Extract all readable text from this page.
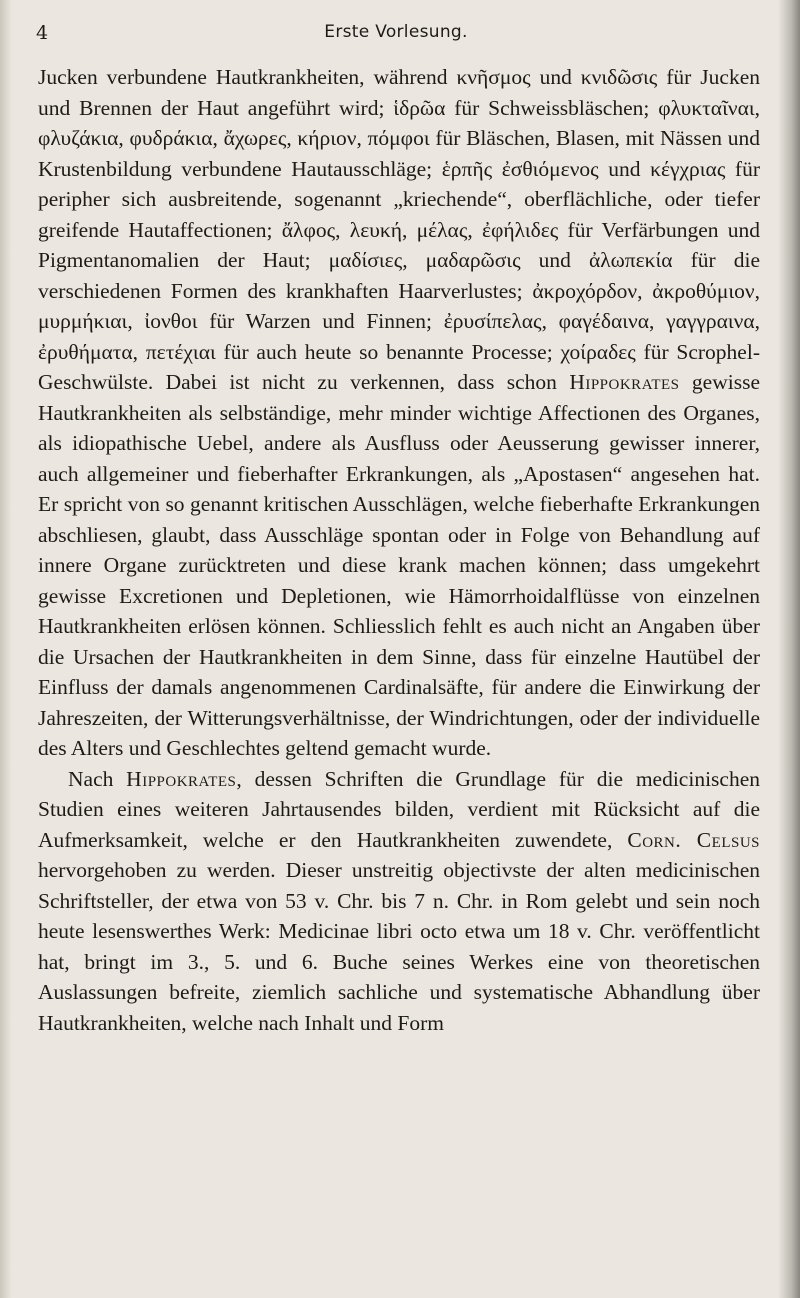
4	Erste Vorlesung.

Jucken verbundene Hautkrankheiten, während κνῆσμος und κνιδῶσις für Jucken und Brennen der Haut angeführt wird; ἱδρῶα für Schweissbläschen; φλυκταῖναι, φλυζάκια, φυδράκια, ἄχωρες, κήριον, πόμφοι für Bläschen, Blasen, mit Nässen und Krustenbildung verbundene Hautausschläge; ἑρπῆς ἐσθιόμενος und κέγχριας für peripher sich ausbreitende, sogenannt „kriechende“, oberflächliche, oder tiefer greifende Hautaffectionen; ἄλφος, λευκή, μέλας, ἐφήλιδες für Verfärbungen und Pigmentanomalien der Haut; μαδίσιες, μαδαρῶσις und ἀλωπεκία für die verschiedenen Formen des krankhaften Haarverlustes; ἀκροχόρδον, ἀκροθύμιον, μυρμήκιαι, ἰονθοι für Warzen und Finnen; ἐρυσίπελας, φαγέδαινα, γαγγραινα, ἐρυθήματα, πετέχιαι für auch heute so benannte Processe; χοίραδες für Scrophel-Geschwülste. Dabei ist nicht zu verkennen, dass schon Hippokrates gewisse Hautkrankheiten als selbständige, mehr minder wichtige Affectionen des Organes, als idiopathische Uebel, andere als Ausfluss oder Aeusserung gewisser innerer, auch allgemeiner und fieberhafter Erkrankungen, als „Apostasen“ angesehen hat. Er spricht von so genannt kritischen Ausschlägen, welche fieberhafte Erkrankungen abschliesen, glaubt, dass Ausschläge spontan oder in Folge von Behandlung auf innere Organe zurücktreten und diese krank machen können; dass umgekehrt gewisse Excretionen und Depletionen, wie Hämorrhoidalflüsse von einzelnen Hautkrankheiten erlösen können. Schliesslich fehlt es auch nicht an Angaben über die Ursachen der Hautkrankheiten in dem Sinne, dass für einzelne Hautübel der Einfluss der damals angenommenen Cardinalsäfte, für andere die Einwirkung der Jahreszeiten, der Witterungsverhältnisse, der Windrichtungen, oder der individuelle des Alters und Geschlechtes geltend gemacht wurde.

Nach Hippokrates, dessen Schriften die Grundlage für die medicinischen Studien eines weiteren Jahrtausendes bilden, verdient mit Rücksicht auf die Aufmerksamkeit, welche er den Hautkrankheiten zuwendete, Corn. Celsus hervorgehoben zu werden. Dieser unstreitig objectivste der alten medicinischen Schriftsteller, der etwa von 53 v. Chr. bis 7 n. Chr. in Rom gelebt und sein noch heute lesenswerthes Werk: Medicinae libri octo etwa um 18 v. Chr. veröffentlicht hat, bringt im 3., 5. und 6. Buche seines Werkes eine von theoretischen Auslassungen befreite, ziemlich sachliche und systematische Abhandlung über Hautkrankheiten, welche nach Inhalt und Form
